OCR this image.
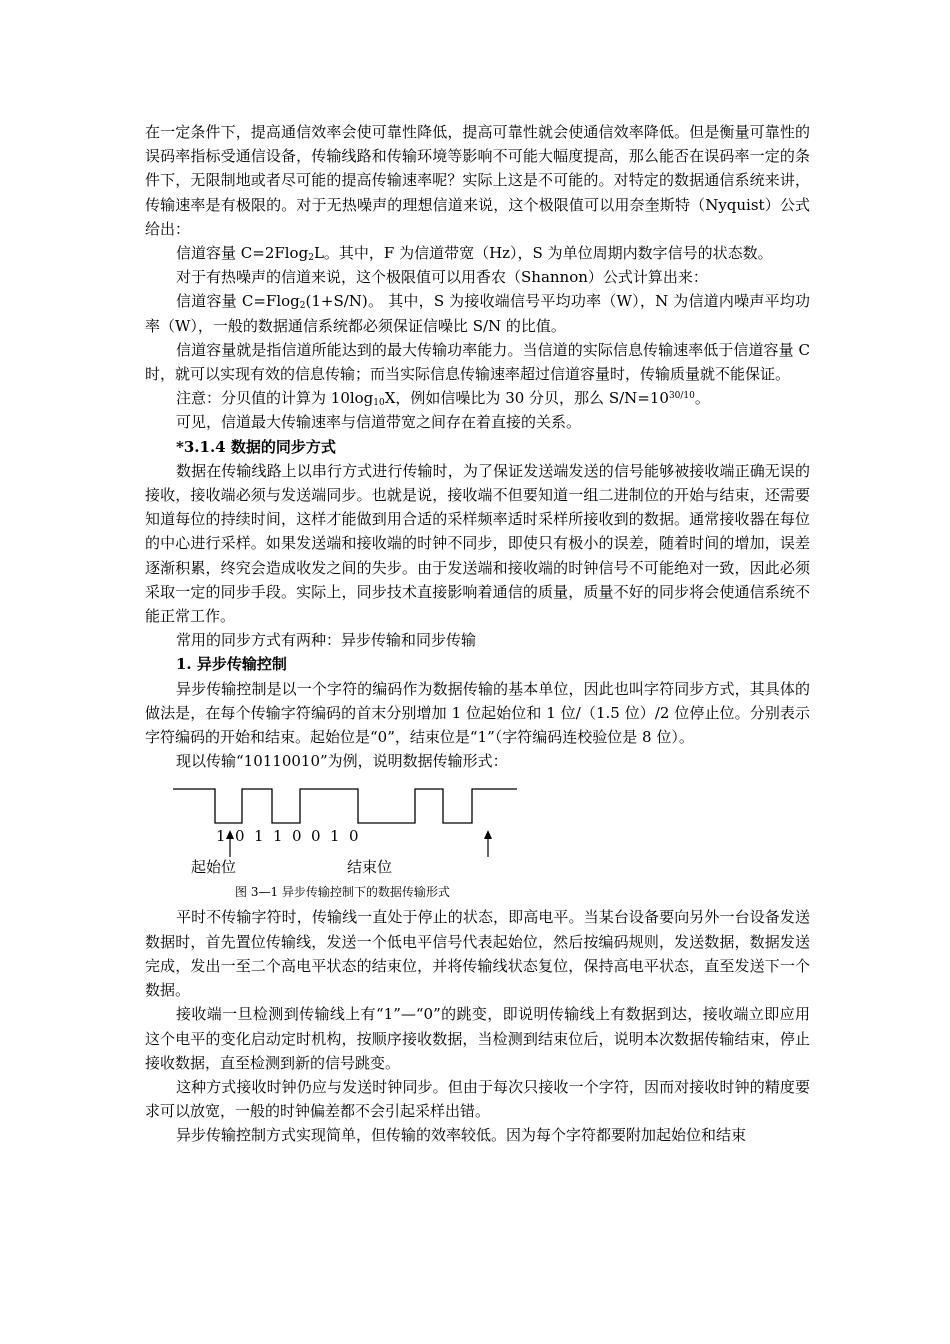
在一定条件下，提高通信效率会使可靠性降低，提高可靠性就会使通信效率降低。但是衡量可靠性的误码率指标受通信设备，传输线路和传输环境等影响不可能大幅度提高，那么能否在误码率一定的条件下，无限制地或者尽可能的提高传输速率呢？实际上这是不可能的。对特定的数据通信系统来讲，传输速率是有极限的。对于无热噪声的理想信道来说，这个极限值可以用奈奎斯特（Nyquist）公式给出：

信道容量 C=2Flog$_2$L。其中，F 为信道带宽（Hz），S 为单位周期内数字信号的状态数。

对于有热噪声的信道来说，这个极限值可以用香农（Shannon）公式计算出来：

信道容量 C=Flog$_2$(1+S/N)。 其中，S 为接收端信号平均功率（W），N 为信道内噪声平均功率（W），一般的数据通信系统都必须保证信噪比 S/N 的比值。

信道容量就是指信道所能达到的最大传输功率能力。当信道的实际信息传输速率低于信道容量 C 时，就可以实现有效的信息传输；而当实际信息传输速率超过信道容量时，传输质量就不能保证。

注意：分贝值的计算为 $10\log_{10}X$，例如信噪比为 30 分贝，那么 $S/N=10^{30/10}$。

可见，信道最大传输速率与信道带宽之间存在着直接的关系。

*3.1.4 数据的同步方式

数据在传输线路上以串行方式进行传输时，为了保证发送端发送的信号能够被接收端正确无误的接收，接收端必须与发送端同步。也就是说，接收端不但要知道一组二进制位的开始与结束，还需要知道每位的持续时间，这样才能做到用合适的采样频率适时采样所接收到的数据。通常接收器在每位的中心进行采样。如果发送端和接收端的时钟不同步，即使只有极小的误差，随着时间的增加，误差逐渐积累，终究会造成收发之间的失步。由于发送端和接收端的时钟信号不可能绝对一致，因此必须采取一定的同步手段。实际上，同步技术直接影响着通信的质量，质量不好的同步将会使通信系统不能正常工作。

常用的同步方式有两种：异步传输和同步传输

1. 异步传输控制

异步传输控制是以一个字符的编码作为数据传输的基本单位，因此也叫字符同步方式，其具体的做法是，在每个传输字符编码的首末分别增加 1 位起始位和 1 位/（1.5 位）/2 位停止位。分别表示字符编码的开始和结束。起始位是“0”，结束位是“1”（字符编码连校验位是 8 位）。

现以传输“10110010”为例，说明数据传输形式：

1 0 1 1 0 0 1 0
起始位	结束位
图 3—1 异步传输控制下的数据传输形式

平时不传输字符时，传输线一直处于停止的状态，即高电平。当某台设备要向另外一台设备发送数据时，首先置位传输线，发送一个低电平信号代表起始位，然后按编码规则，发送数据，数据发送完成，发出一至二个高电平状态的结束位，并将传输线状态复位，保持高电平状态，直至发送下一个数据。

接收端一旦检测到传输线上有“1”—“0”的跳变，即说明传输线上有数据到达，接收端立即应用这个电平的变化启动定时机构，按顺序接收数据，当检测到结束位后，说明本次数据传输结束，停止接收数据，直至检测到新的信号跳变。

这种方式接收时钟仍应与发送时钟同步。但由于每次只接收一个字符，因而对接收时钟的精度要求可以放宽，一般的时钟偏差都不会引起采样出错。

异步传输控制方式实现简单，但传输的效率较低。因为每个字符都要附加起始位和结束
